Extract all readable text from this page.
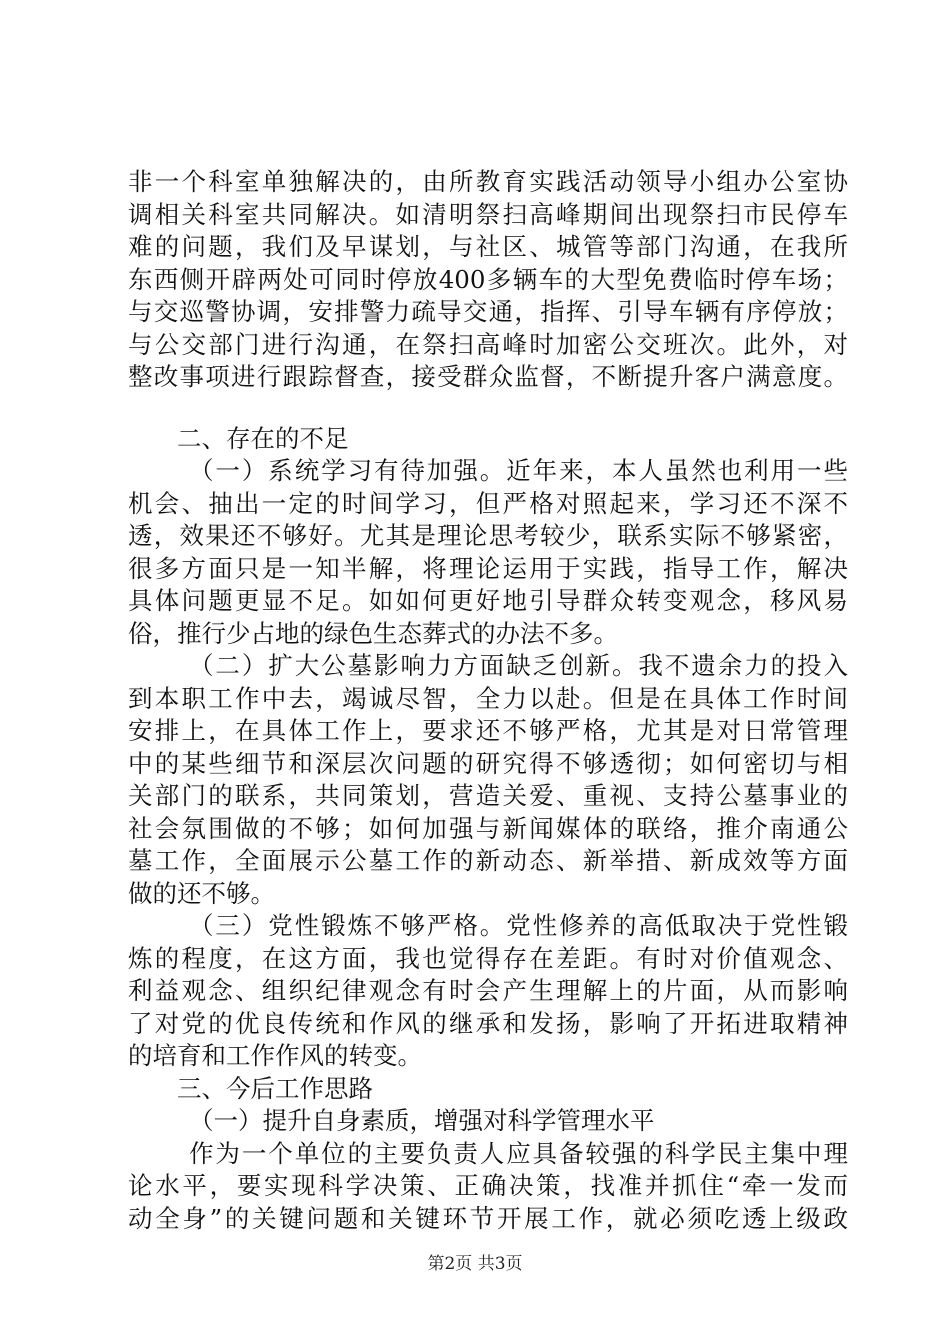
非一个科室单独解决的，由所教育实践活动领导小组办公室协
调相关科室共同解决。如清明祭扫高峰期间出现祭扫市民停车
难的问题，我们及早谋划，与社区、城管等部门沟通，在我所
东西侧开辟两处可同时停放400多辆车的大型免费临时停车场；
与交巡警协调，安排警力疏导交通，指挥、引导车辆有序停放；
与公交部门进行沟通，在祭扫高峰时加密公交班次。此外，对
整改事项进行跟踪督查，接受群众监督，不断提升客户满意度。
二、存在的不足
（一）系统学习有待加强。近年来，本人虽然也利用一些
机会、抽出一定的时间学习，但严格对照起来，学习还不深不
透，效果还不够好。尤其是理论思考较少，联系实际不够紧密，
很多方面只是一知半解，将理论运用于实践，指导工作，解决
具体问题更显不足。如如何更好地引导群众转变观念，移风易
俗，推行少占地的绿色生态葬式的办法不多。
（二）扩大公墓影响力方面缺乏创新。我不遗余力的投入
到本职工作中去，竭诚尽智，全力以赴。但是在具体工作时间
安排上，在具体工作上，要求还不够严格，尤其是对日常管理
中的某些细节和深层次问题的研究得不够透彻；如何密切与相
关部门的联系，共同策划，营造关爱、重视、支持公墓事业的
社会氛围做的不够；如何加强与新闻媒体的联络，推介南通公
墓工作，全面展示公墓工作的新动态、新举措、新成效等方面
做的还不够。
（三）党性锻炼不够严格。党性修养的高低取决于党性锻
炼的程度，在这方面，我也觉得存在差距。有时对价值观念、
利益观念、组织纪律观念有时会产生理解上的片面，从而影响
了对党的优良传统和作风的继承和发扬，影响了开拓进取精神
的培育和工作作风的转变。
三、今后工作思路
（一）提升自身素质，增强对科学管理水平
作为一个单位的主要负责人应具备较强的科学民主集中理
论水平，要实现科学决策、正确决策，找准并抓住“牵一发而
动全身”的关键问题和关键环节开展工作，就必须吃透上级政
第2页 共3页
